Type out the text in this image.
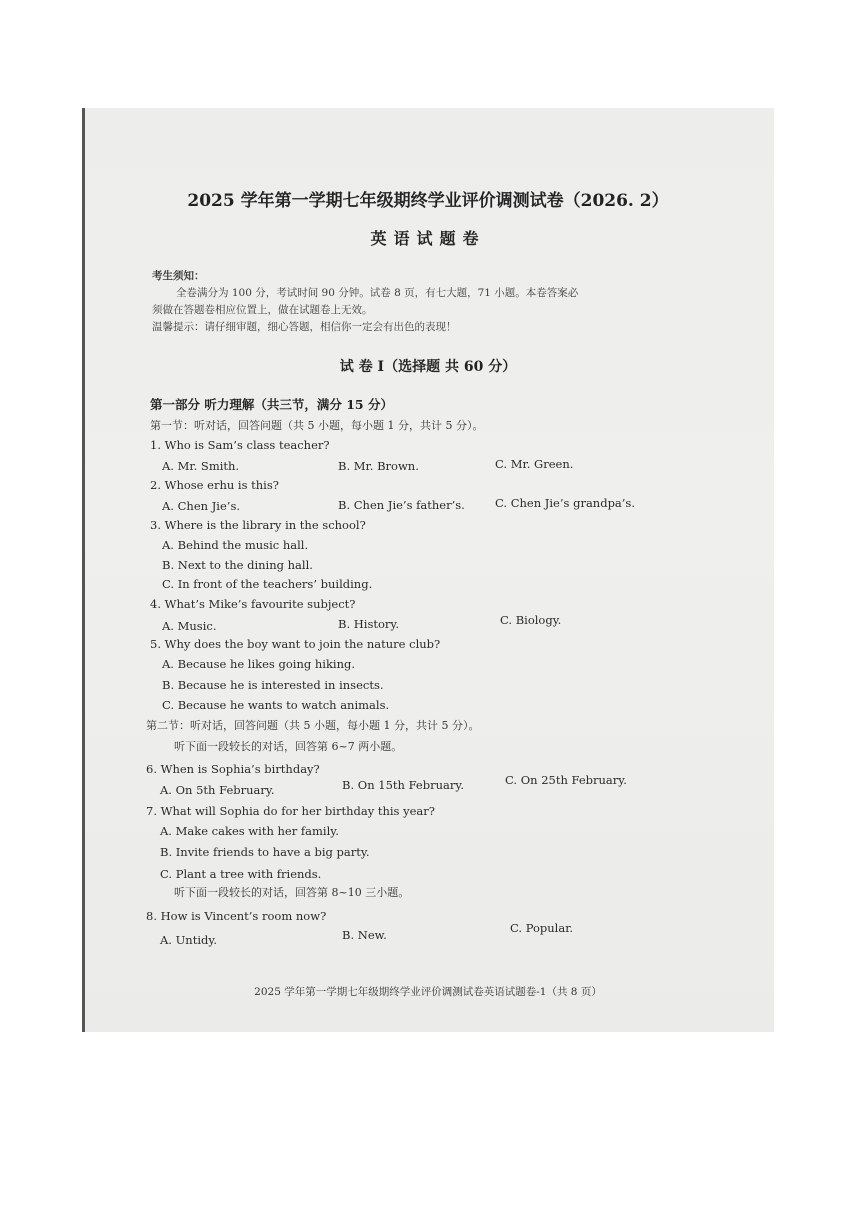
2025 学年第一学期七年级期终学业评价调测试卷（2026. 2）
英语试题卷
考生须知：
全卷满分为 100 分，考试时间 90 分钟。试卷 8 页，有七大题，71 小题。本卷答案必
须做在答题卷相应位置上，做在试题卷上无效。
温馨提示：请仔细审题，细心答题，相信你一定会有出色的表现！
试 卷 I（选择题 共 60 分）
第一部分 听力理解（共三节，满分 15 分）
第一节：听对话，回答问题（共 5 小题，每小题 1 分，共计 5 分）。
1. Who is Sam’s class teacher?
A. Mr. Smith.	B. Mr. Brown.	C. Mr. Green.
2. Whose erhu is this?
A. Chen Jie’s.	B. Chen Jie’s father’s.	C. Chen Jie’s grandpa’s.
3. Where is the library in the school?
A. Behind the music hall.
B. Next to the dining hall.
C. In front of the teachers’ building.
4. What’s Mike’s favourite subject?
A. Music.	B. History.	C. Biology.
5. Why does the boy want to join the nature club?
A. Because he likes going hiking.
B. Because he is interested in insects.
C. Because he wants to watch animals.
第二节：听对话，回答问题（共 5 小题，每小题 1 分，共计 5 分）。
听下面一段较长的对话，回答第 6~7 两小题。
6. When is Sophia’s birthday?
A. On 5th February.	B. On 15th February.	C. On 25th February.
7. What will Sophia do for her birthday this year?
A. Make cakes with her family.
B. Invite friends to have a big party.
C. Plant a tree with friends.
听下面一段较长的对话，回答第 8~10 三小题。
8. How is Vincent’s room now?
A. Untidy.	B. New.	C. Popular.
2025 学年第一学期七年级期终学业评价调测试卷英语试题卷-1（共 8 页）
